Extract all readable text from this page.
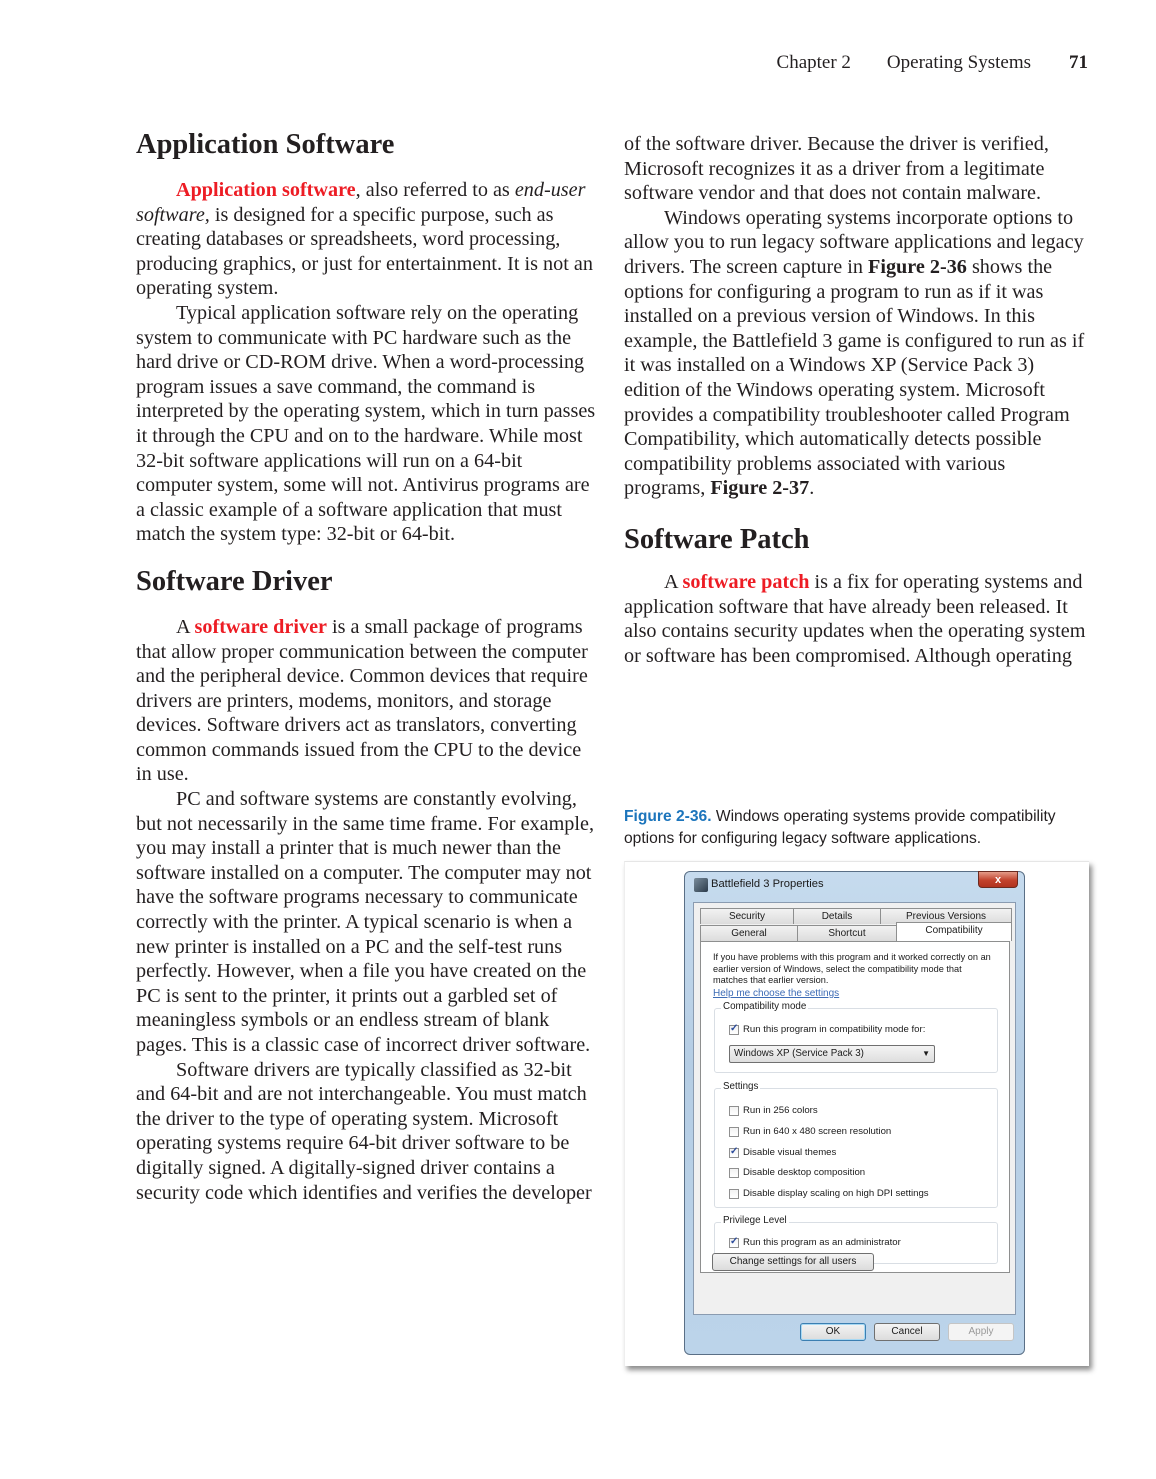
Chapter 2 Operating Systems 71
Application Software

Application software, also referred to as end-user software, is designed for a specific purpose, such as creating databases or spreadsheets, word processing, producing graphics, or just for entertainment. It is not an operating system.

Typical application software rely on the operating system to communicate with PC hardware such as the hard drive or CD-ROM drive. When a word-processing program issues a save command, the command is interpreted by the operating system, which in turn passes it through the CPU and on to the hardware. While most 32-bit software applications will run on a 64-bit computer system, some will not. Antivirus programs are a classic example of a software application that must match the system type: 32-bit or 64-bit.

Software Driver

A software driver is a small package of programs that allow proper communication between the computer and the peripheral device. Common devices that require drivers are printers, modems, monitors, and storage devices. Software drivers act as translators, converting common commands issued from the CPU to the device in use.

PC and software systems are constantly evolving, but not necessarily in the same time frame. For example, you may install a printer that is much newer than the software installed on a computer. The computer may not have the software programs necessary to communicate correctly with the printer. A typical scenario is when a new printer is installed on a PC and the self-test runs perfectly. However, when a file you have created on the PC is sent to the printer, it prints out a garbled set of meaningless symbols or an endless stream of blank pages. This is a classic case of incorrect driver software.

Software drivers are typically classified as 32-bit and 64-bit and are not interchangeable. You must match the driver to the type of operating system. Microsoft operating systems require 64-bit driver software to be digitally signed. A digitally-signed driver contains a security code which identifies and verifies the developer

of the software driver. Because the driver is verified, Microsoft recognizes it as a driver from a legitimate software vendor and that does not contain malware.

Windows operating systems incorporate options to allow you to run legacy software applications and legacy drivers. The screen capture in Figure 2-36 shows the options for configuring a program to run as if it was installed on a previous version of Windows. In this example, the Battlefield 3 game is configured to run as if it was installed on a Windows XP (Service Pack 3) edition of the Windows operating system. Microsoft provides a compatibility troubleshooter called Program Compatibility, which automatically detects possible compatibility problems associated with various programs, Figure 2-37.

Software Patch

A software patch is a fix for operating systems and application software that have already been released. It also contains security updates when the operating system or software has been compromised. Although operating

Figure 2-36. Windows operating systems provide compatibility options for configuring legacy software applications.
Battlefield 3 Properties	x
Security	Details	Previous Versions
General	Shortcut	Compatibility
If you have problems with this program and it worked correctly on an earlier version of Windows, select the compatibility mode that matches that earlier version.
Help me choose the settings
Compatibility mode
✓
Run this program in compatibility mode for:
Windows XP (Service Pack 3)	▼
Settings
Run in 256 colors
Run in 640 x 480 screen resolution
✓
Disable visual themes
Disable desktop composition
Disable display scaling on high DPI settings
Privilege Level
✓
Run this program as an administrator
Change settings for all users
OK	Cancel	Apply
